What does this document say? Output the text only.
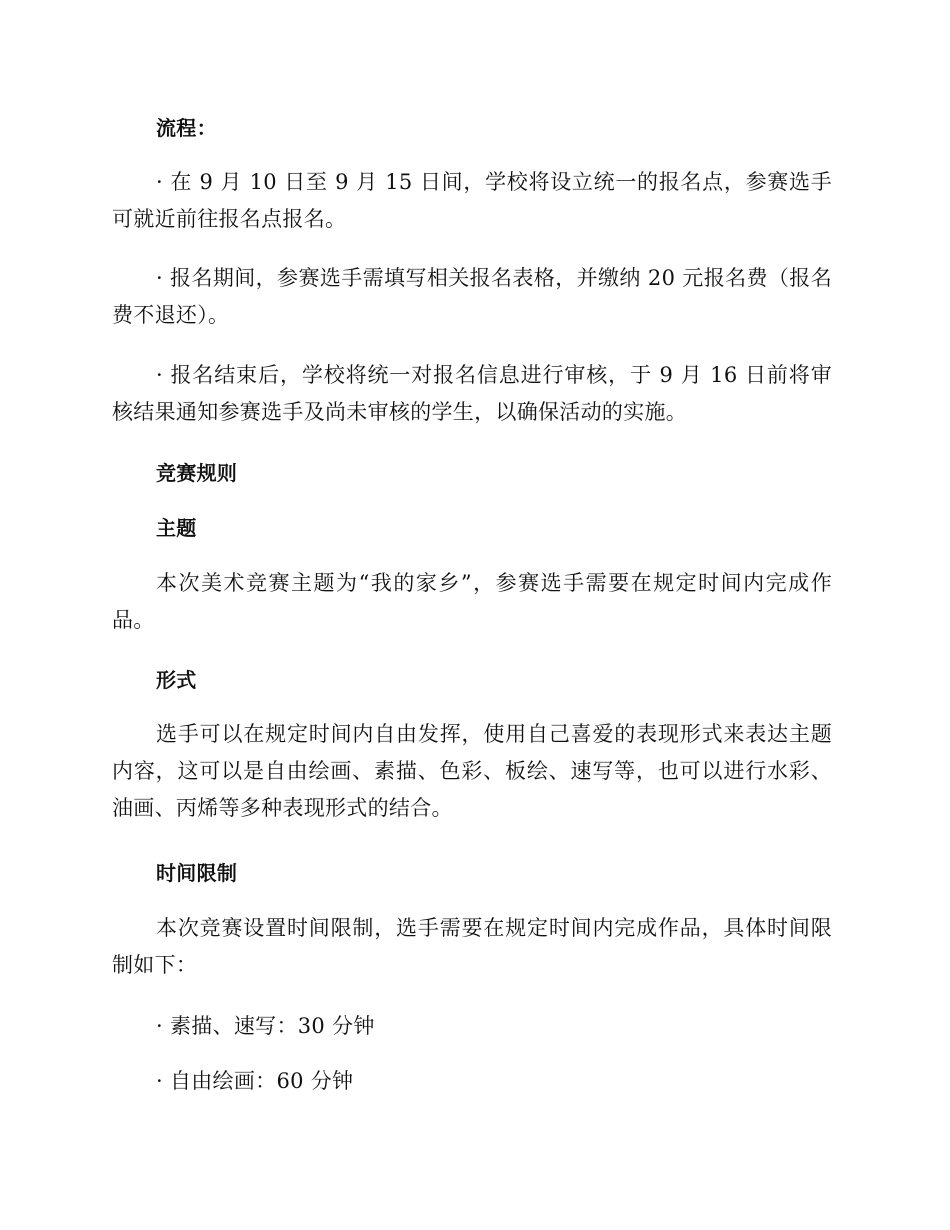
流程：
· 在 9 月 10 日至 9 月 15 日间，学校将设立统一的报名点，参赛选手可就近前往报名点报名。
· 报名期间，参赛选手需填写相关报名表格，并缴纳 20 元报名费（报名费不退还）。
· 报名结束后，学校将统一对报名信息进行审核，于 9 月 16 日前将审核结果通知参赛选手及尚未审核的学生，以确保活动的实施。
竞赛规则
主题
本次美术竞赛主题为“我的家乡”，参赛选手需要在规定时间内完成作品。
形式
选手可以在规定时间内自由发挥，使用自己喜爱的表现形式来表达主题内容，这可以是自由绘画、素描、色彩、板绘、速写等，也可以进行水彩、油画、丙烯等多种表现形式的结合。
时间限制
本次竞赛设置时间限制，选手需要在规定时间内完成作品，具体时间限制如下：
· 素描、速写：30 分钟
· 自由绘画：60 分钟
